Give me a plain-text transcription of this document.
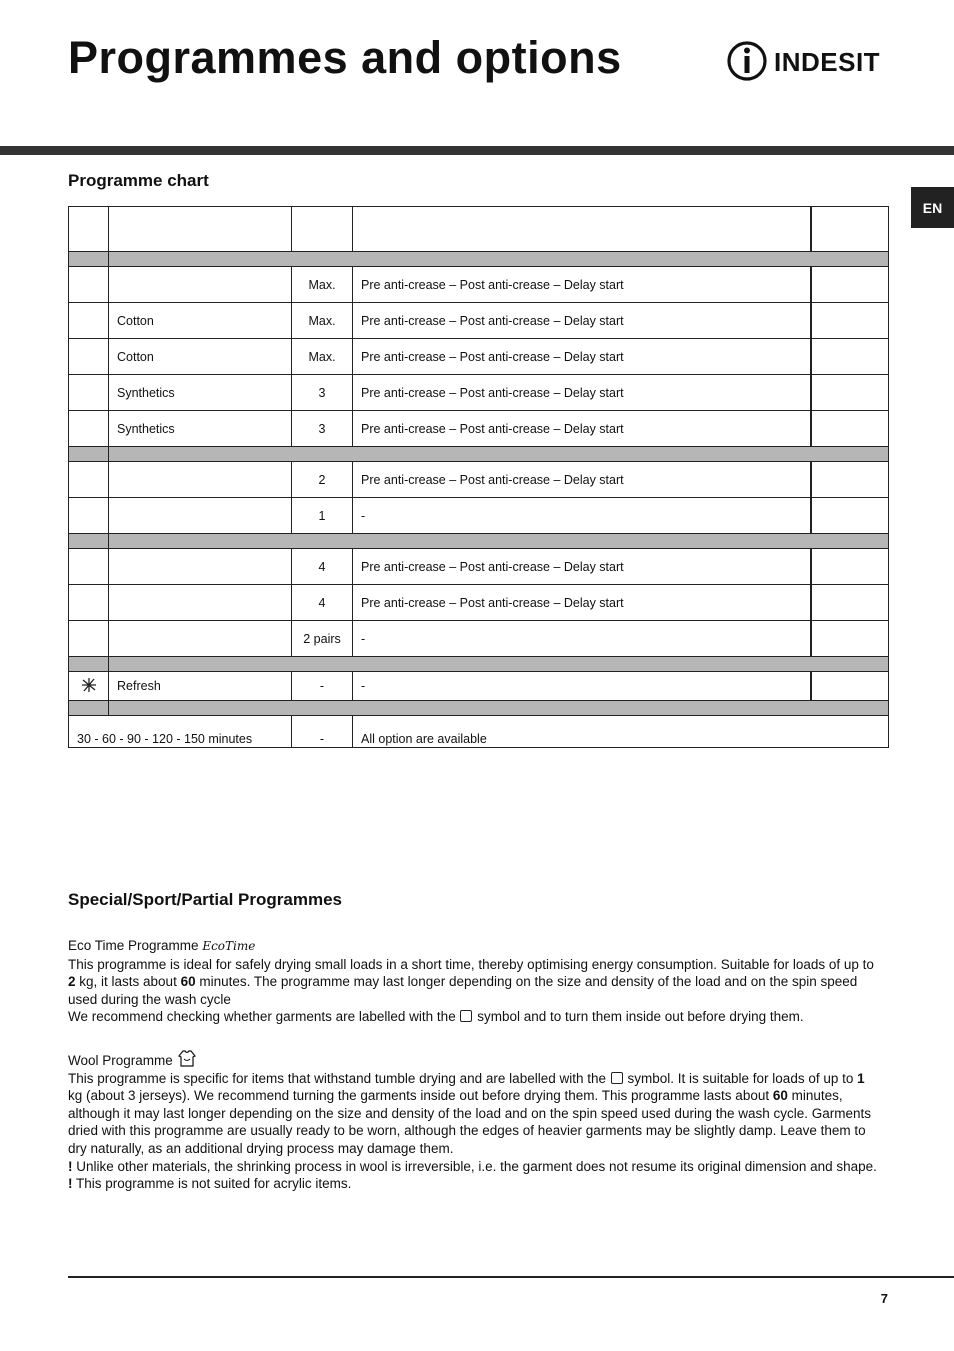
Programmes and options	INDESIT
EN
Programme chart

		Max.	Pre anti-crease – Post anti-crease – Delay start	
	Cotton	Max.	Pre anti-crease – Post anti-crease – Delay start	
	Cotton	Max.	Pre anti-crease – Post anti-crease – Delay start	
	Synthetics	3	Pre anti-crease – Post anti-crease – Delay start	
	Synthetics	3	Pre anti-crease – Post anti-crease – Delay start	

		2	Pre anti-crease – Post anti-crease – Delay start	
		1	-	

		4	Pre anti-crease – Post anti-crease – Delay start	
		4	Pre anti-crease – Post anti-crease – Delay start	
		2 pairs	-	

	Refresh	-	-	

30 - 60 - 90 - 120 - 150 minutes		-	All option are available	
Special/Sport/Partial Programmes

Eco Time Programme EcoTime

This programme is ideal for safely drying small loads in a short time, thereby optimising energy consumption. Suitable for loads of up to 2 kg, it lasts about 60 minutes. The programme may last longer depending on the size and density of the load and on the spin speed used during the wash cycle

We recommend checking whether garments are labelled with the  symbol and to turn them inside out before drying them.

Wool Programme

This programme is specific for items that withstand tumble drying and are labelled with the  symbol. It is suitable for loads of up to 1 kg (about 3 jerseys). We recommend turning the garments inside out before drying them. This programme lasts about 60 minutes, although it may last longer depending on the size and density of the load and on the spin speed used during the wash cycle. Garments dried with this programme are usually ready to be worn, although the edges of heavier garments may be slightly damp. Leave them to dry naturally, as an additional drying process may damage them.

! Unlike other materials, the shrinking process in wool is irreversible, i.e. the garment does not resume its original dimension and shape.

! This programme is not suited for acrylic items.

7
